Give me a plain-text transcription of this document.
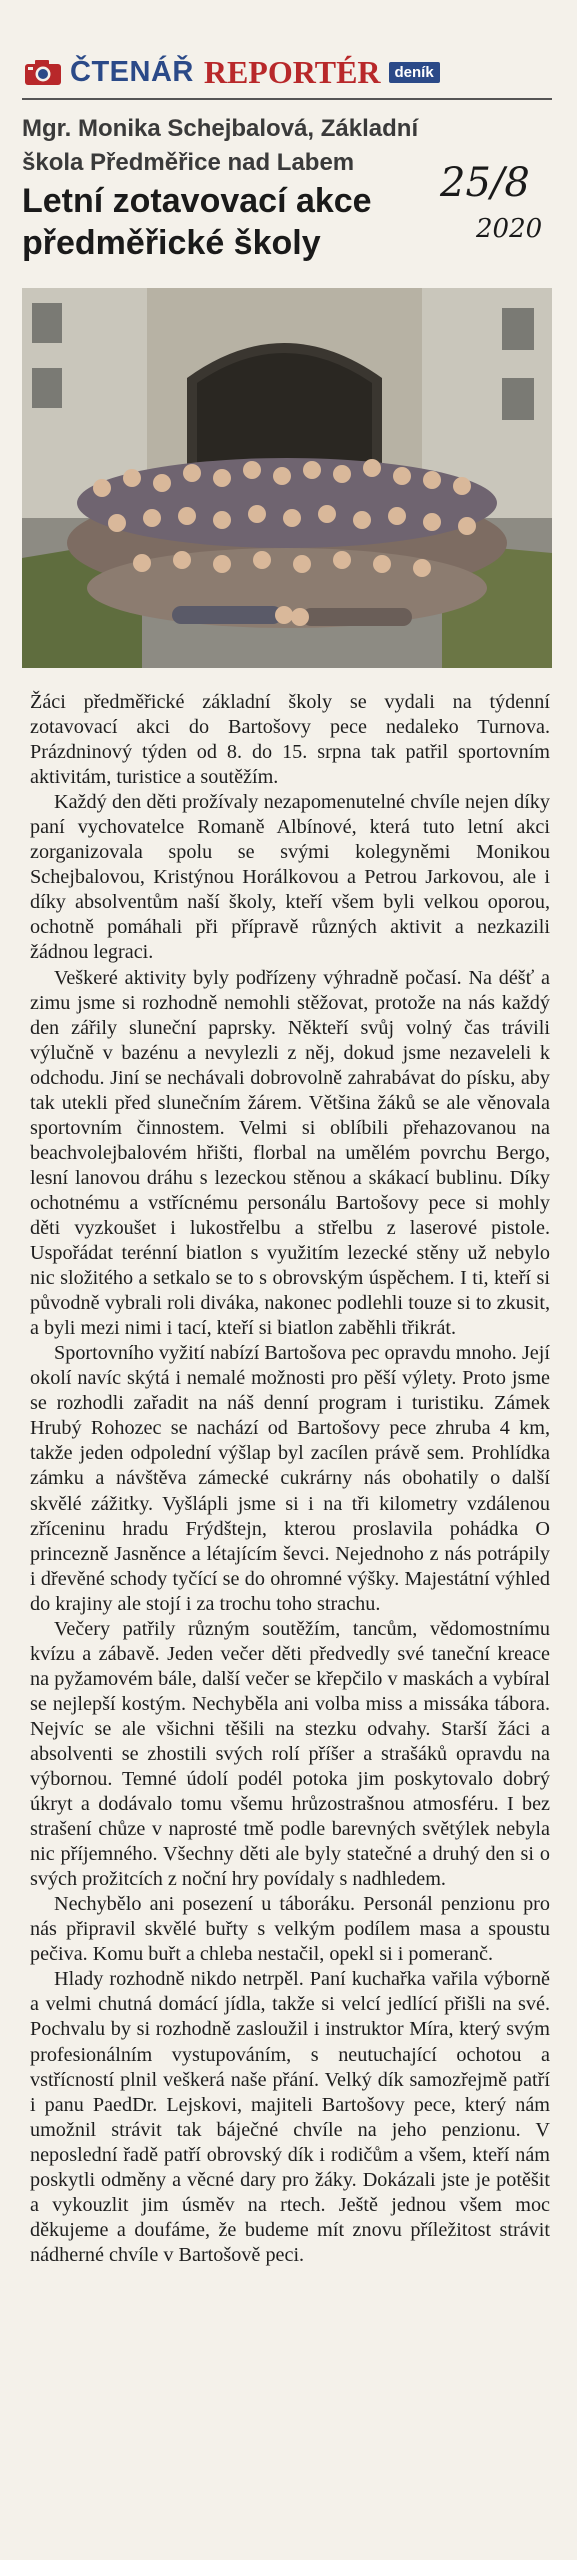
ČTENÁŘ REPORTÉR deník
Mgr. Monika Schejbalová, Základní škola Předměřice nad Labem
Letní zotavovací akce předměřické školy
25/8
2020

Žáci předměřické základní školy se vydali na týdenní zotavovací akci do Bartošovy pece nedaleko Turnova. Prázdninový týden od 8. do 15. srpna tak patřil sportovním aktivitám, turistice a soutěžím.

Každý den děti prožívaly nezapomenutelné chvíle nejen díky paní vychovatelce Romaně Albínové, která tuto letní akci zorganizovala spolu se svými kolegyněmi Monikou Schejbalovou, Kristýnou Horálkovou a Petrou Jarkovou, ale i díky absolventům naší školy, kteří všem byli velkou oporou, ochotně pomáhali při přípravě různých aktivit a nezkazili žádnou legraci.

Veškeré aktivity byly podřízeny výhradně počasí. Na déšť a zimu jsme si rozhodně nemohli stěžovat, protože na nás každý den zářily sluneční paprsky. Někteří svůj volný čas trávili výlučně v bazénu a nevylezli z něj, dokud jsme nezaveleli k odchodu. Jiní se nechávali dobrovolně zahrabávat do písku, aby tak utekli před slunečním žárem. Většina žáků se ale věnovala sportovním činnostem. Velmi si oblíbili přehazovanou na beachvolejbalovém hřišti, florbal na umělém povrchu Bergo, lesní lanovou dráhu s lezeckou stěnou a skákací bublinu. Díky ochotnému a vstřícnému personálu Bartošovy pece si mohly děti vyzkoušet i lukostřelbu a střelbu z laserové pistole. Uspořádat terénní biatlon s využitím lezecké stěny už nebylo nic složitého a setkalo se to s obrovským úspěchem. I ti, kteří si původně vybrali roli diváka, nakonec podlehli touze si to zkusit, a byli mezi nimi i tací, kteří si biatlon zaběhli třikrát.

Sportovního vyžití nabízí Bartošova pec opravdu mnoho. Její okolí navíc skýtá i nemalé možnosti pro pěší výlety. Proto jsme se rozhodli zařadit na náš denní program i turistiku. Zámek Hrubý Rohozec se nachází od Bartošovy pece zhruba 4 km, takže jeden odpolední výšlap byl zacílen právě sem. Prohlídka zámku a návštěva zámecké cukrárny nás obohatily o další skvělé zážitky. Vyšlápli jsme si i na tři kilometry vzdálenou zříceninu hradu Frýdštejn, kterou proslavila pohádka O princezně Jasněnce a létajícím ševci. Nejednoho z nás potrápily i dřevěné schody tyčící se do ohromné výšky. Majestátní výhled do krajiny ale stojí i za trochu toho strachu.

Večery patřily různým soutěžím, tancům, vědomostnímu kvízu a zábavě. Jeden večer děti předvedly své taneční kreace na pyžamovém bále, další večer se křepčilo v maskách a vybíral se nejlepší kostým. Nechyběla ani volba miss a missáka tábora. Nejvíc se ale všichni těšili na stezku odvahy. Starší žáci a absolventi se zhostili svých rolí příšer a strašáků opravdu na výbornou. Temné údolí podél potoka jim poskytovalo dobrý úkryt a dodávalo tomu všemu hrůzostrašnou atmosféru. I bez strašení chůze v naprosté tmě podle barevných světýlek nebyla nic příjemného. Všechny děti ale byly statečné a druhý den si o svých prožitcích z noční hry povídaly s nadhledem.

Nechybělo ani posezení u táboráku. Personál penzionu pro nás připravil skvělé buřty s velkým podílem masa a spoustu pečiva. Komu buřt a chleba nestačil, opekl si i pomeranč.

Hlady rozhodně nikdo netrpěl. Paní kuchařka vařila výborně a velmi chutná domácí jídla, takže si velcí jedlící přišli na své. Pochvalu by si rozhodně zasloužil i instruktor Míra, který svým profesionálním vystupováním, s neutuchající ochotou a vstřícností plnil veškerá naše přání. Velký dík samozřejmě patří i panu PaedDr. Lejskovi, majiteli Bartošovy pece, který nám umožnil strávit tak báječné chvíle na jeho penzionu. V neposlední řadě patří obrovský dík i rodičům a všem, kteří nám poskytli odměny a věcné dary pro žáky. Dokázali jste je potěšit a vykouzlit jim úsměv na rtech. Ještě jednou všem moc děkujeme a doufáme, že budeme mít znovu příležitost strávit nádherné chvíle v Bartošově peci.
